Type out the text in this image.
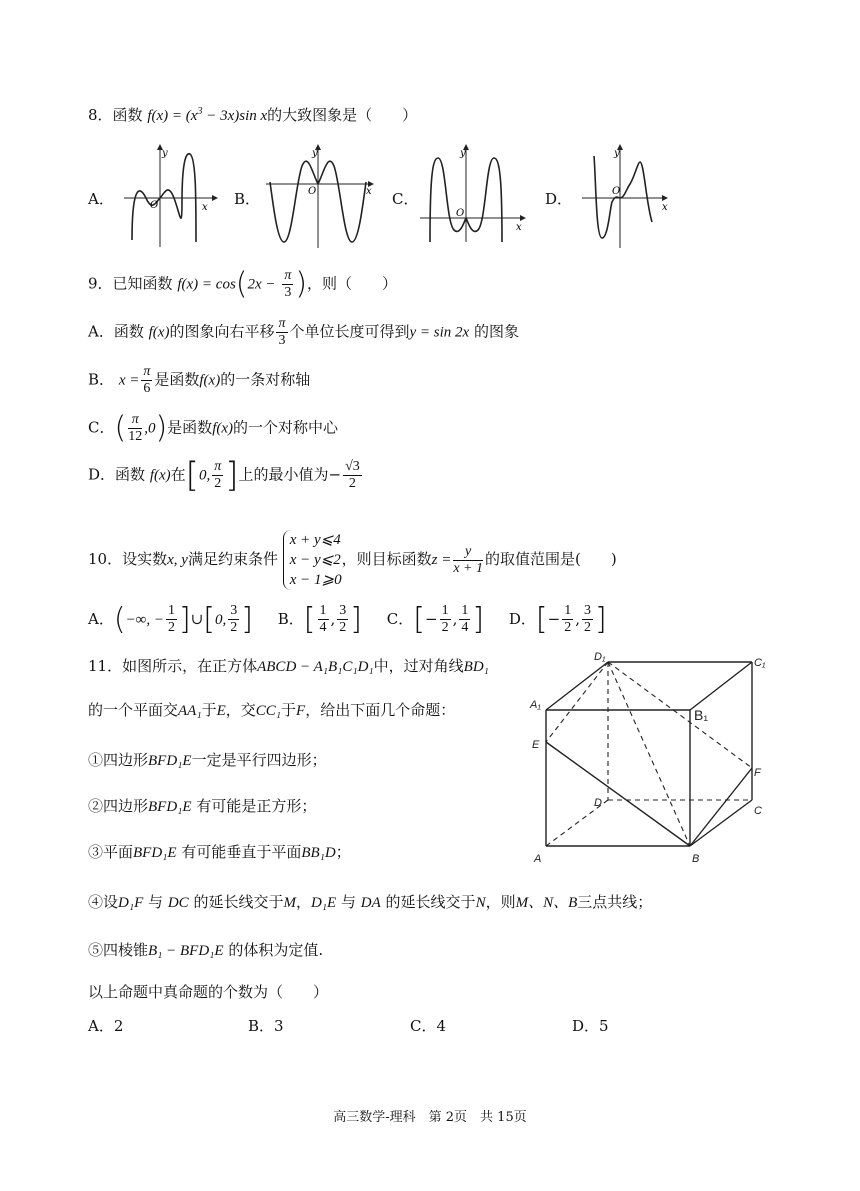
8．函数 $f(x) = (x^3 - 3x)\sin$ x的大致图象是（　　）
A．	B．	C．	D．
y
x
O
y
x
O
y
x
O
y
x
O
9．已知函数 $f(x) = \cos(2x - \frac{\pi}{3}$ )，则（　　）
A．函数 f(x)的图象向右平移 $\frac{\pi}{3}$ 个单位长度可得到y = sin 2x 的图象
B． $x = \frac{\pi}{6}$ 是函数f(x)的一条对称轴
C．( $\frac{\pi}{12} ,0$)是函数f(x)的一个对称中心
D．函数 f(x)在[0, $\frac{\pi}{2}$ ]上的最小值为− $\frac{√3}{2}$
10．设实数x, y满足约束条件
x + y⩽4
x − y⩽2
x − 1⩾0
，则目标函数$z = \frac{y}{x + 1}$ 的取值范围是(　　)
A．(−∞, − $\frac{1}{2}$ ]∪[0, $\frac{3}{2}$ ] B．[ $\frac{1}{4}$ , $\frac{3}{2}$ ] C．[− $\frac{1}{2}$ , $\frac{1}{4}$ ] D．[− $\frac{1}{2}$ , $\frac{3}{2}$ ]
11．如图所示，在正方体ABCD − A₁B₁C₁D₁中，过对角线BD₁
的一个平面交AA₁于E，交CC₁于F，给出下面几个命题：
①四边形BFD₁E一定是平行四边形；
②四边形BFD₁E 有可能是正方形；
③平面BFD₁E 有可能垂直于平面BB₁D；
④设D₁F 与 DC 的延长线交于M，D₁E 与 DA 的延长线交于N，则M、N、B三点共线；
⑤四棱锥B₁ − BFD₁E 的体积为定值.
以上命题中真命题的个数为（　　）
A．2	B．3	C．4	D．5
D₁	C₁
A₁
B₁
E
F
D
C
A	B
高三数学-理科　第 2页　共 15页
